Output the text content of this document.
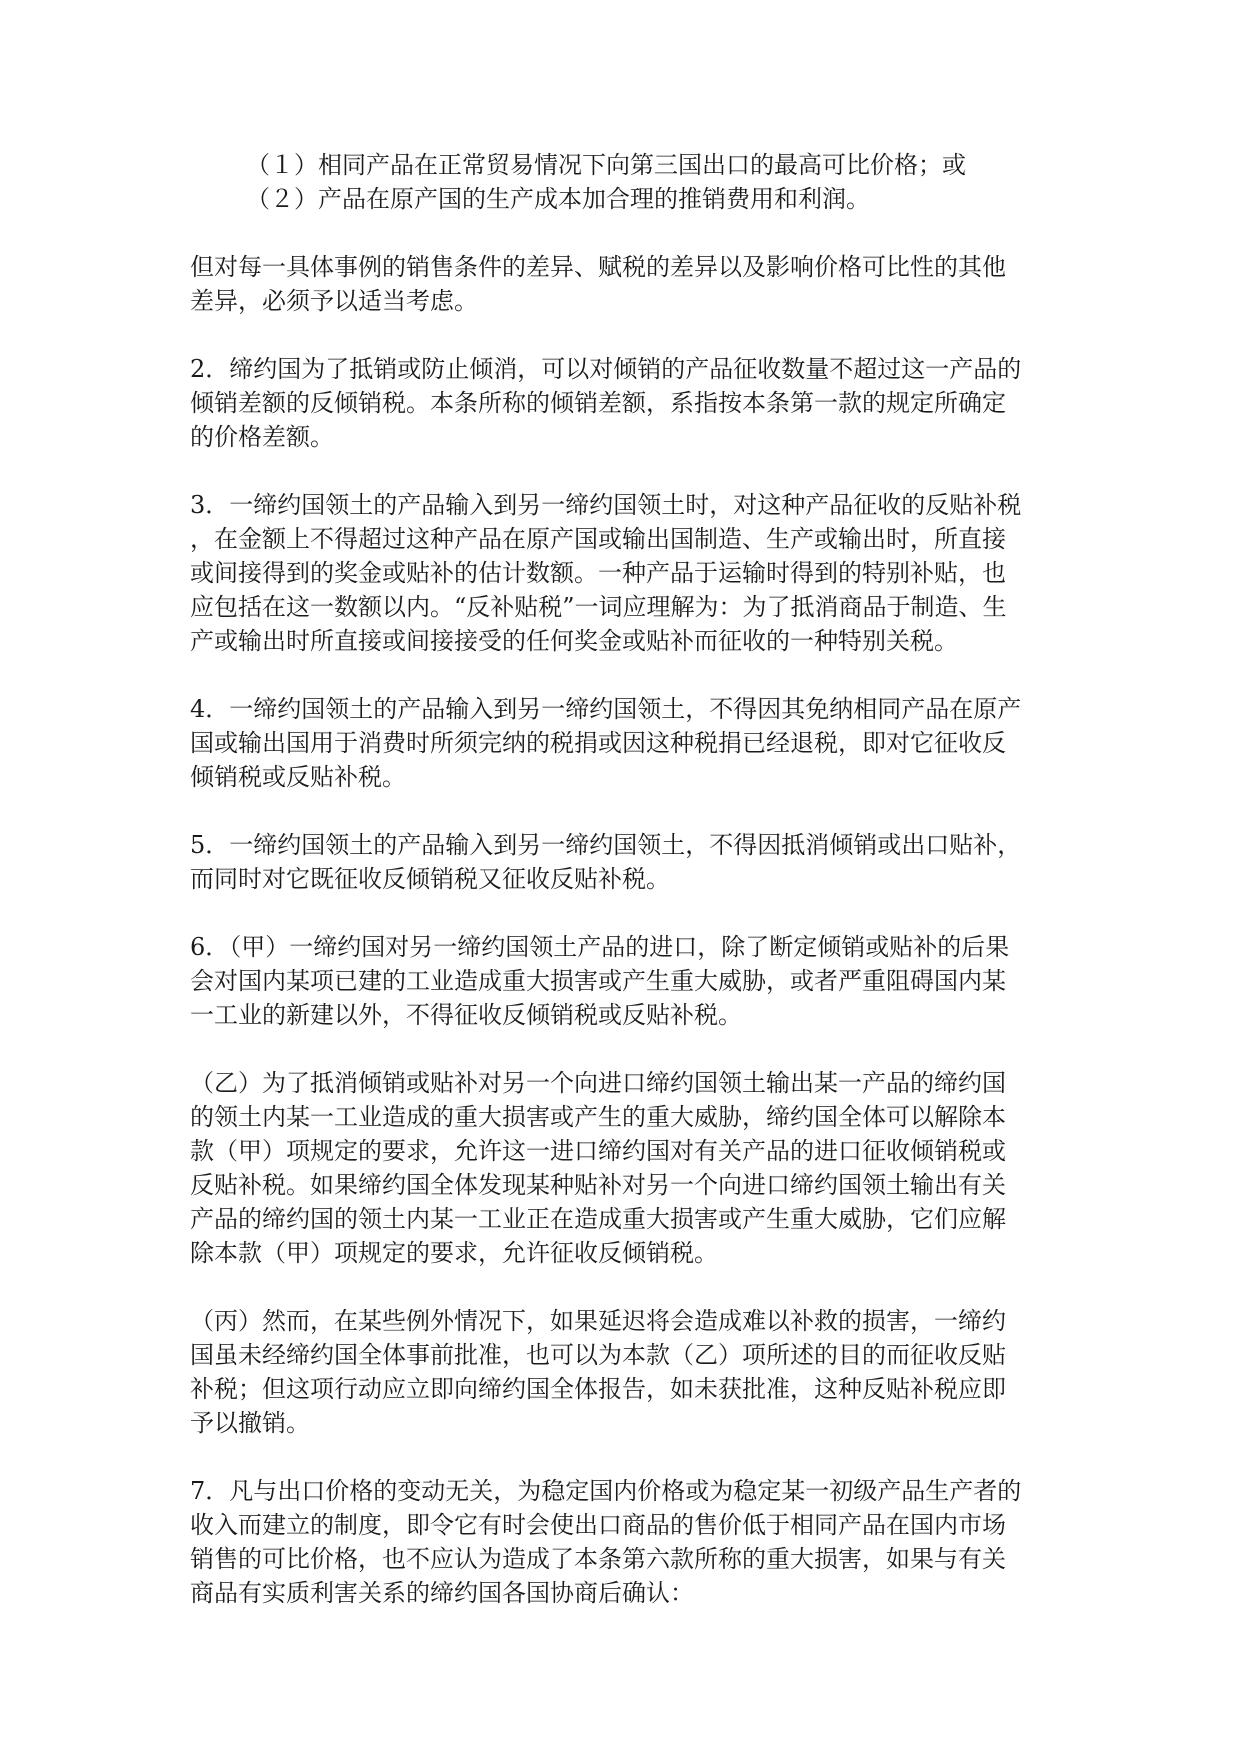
（１）相同产品在正常贸易情况下向第三国出口的最高可比价格；或
（２）产品在原产国的生产成本加合理的推销费用和利润。
但对每一具体事例的销售条件的差异、赋税的差异以及影响价格可比性的其他
差异，必须予以适当考虑。
2．缔约国为了抵销或防止倾消，可以对倾销的产品征收数量不超过这一产品的
倾销差额的反倾销税。本条所称的倾销差额，系指按本条第一款的规定所确定
的价格差额。
3．一缔约国领土的产品输入到另一缔约国领土时，对这种产品征收的反贴补税
，在金额上不得超过这种产品在原产国或输出国制造、生产或输出时，所直接
或间接得到的奖金或贴补的估计数额。一种产品于运输时得到的特别补贴，也
应包括在这一数额以内。“反补贴税”一词应理解为：为了抵消商品于制造、生
产或输出时所直接或间接接受的任何奖金或贴补而征收的一种特别关税。
4．一缔约国领土的产品输入到另一缔约国领土，不得因其免纳相同产品在原产
国或输出国用于消费时所须完纳的税捐或因这种税捐已经退税，即对它征收反
倾销税或反贴补税。
5．一缔约国领土的产品输入到另一缔约国领土，不得因抵消倾销或出口贴补，
而同时对它既征收反倾销税又征收反贴补税。
6．（甲）一缔约国对另一缔约国领土产品的进口，除了断定倾销或贴补的后果
会对国内某项已建的工业造成重大损害或产生重大威胁，或者严重阻碍国内某
一工业的新建以外，不得征收反倾销税或反贴补税。
（乙）为了抵消倾销或贴补对另一个向进口缔约国领土输出某一产品的缔约国
的领土内某一工业造成的重大损害或产生的重大威胁，缔约国全体可以解除本
款（甲）项规定的要求，允许这一进口缔约国对有关产品的进口征收倾销税或
反贴补税。如果缔约国全体发现某种贴补对另一个向进口缔约国领土输出有关
产品的缔约国的领土内某一工业正在造成重大损害或产生重大威胁，它们应解
除本款（甲）项规定的要求，允许征收反倾销税。
（丙）然而，在某些例外情况下，如果延迟将会造成难以补救的损害，一缔约
国虽未经缔约国全体事前批准，也可以为本款（乙）项所述的目的而征收反贴
补税；但这项行动应立即向缔约国全体报告，如未获批准，这种反贴补税应即
予以撤销。
7．凡与出口价格的变动无关，为稳定国内价格或为稳定某一初级产品生产者的
收入而建立的制度，即令它有时会使出口商品的售价低于相同产品在国内市场
销售的可比价格，也不应认为造成了本条第六款所称的重大损害，如果与有关
商品有实质利害关系的缔约国各国协商后确认：
